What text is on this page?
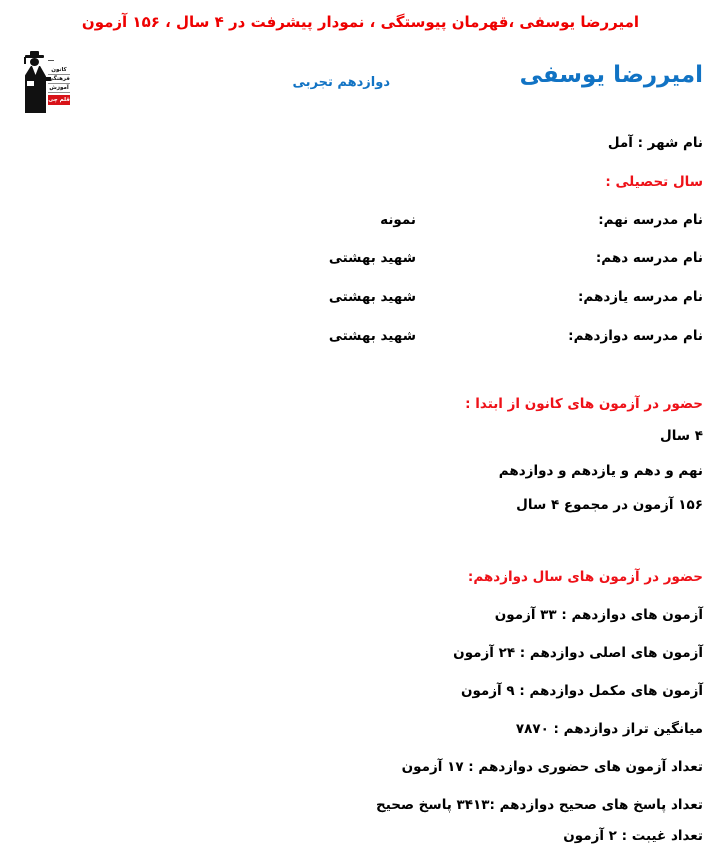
امیررضا یوسفی ،قهرمان پیوستگی ، نمودار پیشرفت در ۴ سال ، ۱۵۶ آزمون
کانون
فرهنگی
آموزش
قلم چی
امیررضا یوسفی
دوازدهم تجربی
نام شهر : آمل
سال تحصیلی :
نام مدرسه نهم:
نمونه
نام مدرسه دهم:
شهید بهشتی
نام مدرسه یازدهم:
شهید بهشتی
نام مدرسه دوازدهم:
شهید بهشتی
حضور در آزمون های کانون از ابتدا :
۴ سال
نهم و دهم و یازدهم و دوازدهم
۱۵۶ آزمون در مجموع ۴ سال
حضور در آزمون های سال دوازدهم:
آزمون های دوازدهم : ۳۳ آزمون
آزمون های اصلی دوازدهم : ۲۴ آزمون
آزمون های مکمل دوازدهم : ۹ آزمون
میانگین تراز دوازدهم : ۷۸۷۰
تعداد آزمون های حضوری دوازدهم : ۱۷ آزمون
تعداد پاسخ های صحیح دوازدهم :۳۴۱۳ پاسخ صحیح
تعداد غیبت : ۲ آزمون
